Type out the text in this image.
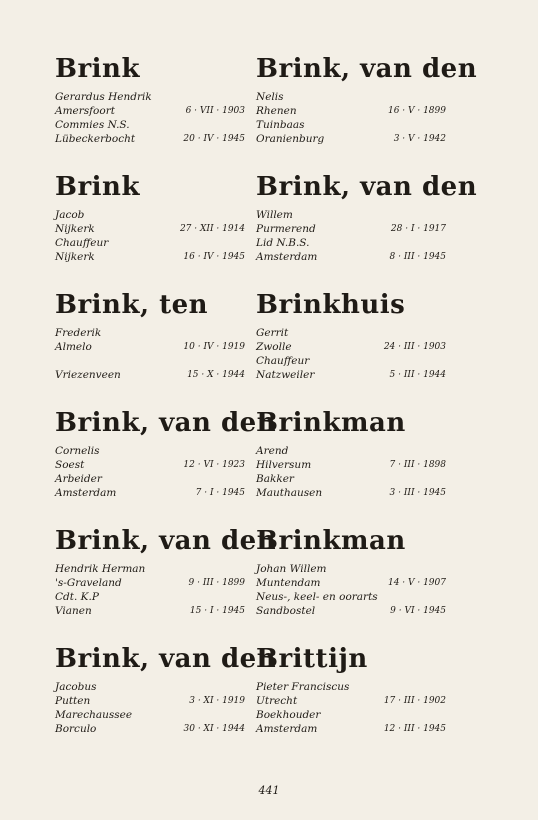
Brink
Gerardus Hendrik
Amersfoort	6 · VII · 1903
Commies N.S.
Lübeckerbocht	20 · IV · 1945
Brink
Jacob
Nijkerk	27 · XII · 1914
Chauffeur
Nijkerk	16 · IV · 1945
Brink, ten
Frederik
Almelo	10 · IV · 1919
Vriezenveen	15 · X · 1944
Brink, van den
Cornelis
Soest	12 · VI · 1923
Arbeider
Amsterdam	7 · I · 1945
Brink, van den
Hendrik Herman
's-Graveland	9 · III · 1899
Cdt. K.P
Vianen	15 · I · 1945
Brink, van den
Jacobus
Putten	3 · XI · 1919
Marechaussee
Borculo	30 · XI · 1944
Brink, van den
Nelis
Rhenen	16 · V · 1899
Tuinbaas
Oranienburg	3 · V · 1942
Brink, van den
Willem
Purmerend	28 · I · 1917
Lid N.B.S.
Amsterdam	8 · III · 1945
Brinkhuis
Gerrit
Zwolle	24 · III · 1903
Chauffeur
Natzweiler	5 · III · 1944
Brinkman
Arend
Hilversum	7 · III · 1898
Bakker
Mauthausen	3 · III · 1945
Brinkman
Johan Willem
Muntendam	14 · V · 1907
Neus-, keel- en oorarts
Sandbostel	9 · VI · 1945
Brittijn
Pieter Franciscus
Utrecht	17 · III · 1902
Boekhouder
Amsterdam	12 · III · 1945
441
